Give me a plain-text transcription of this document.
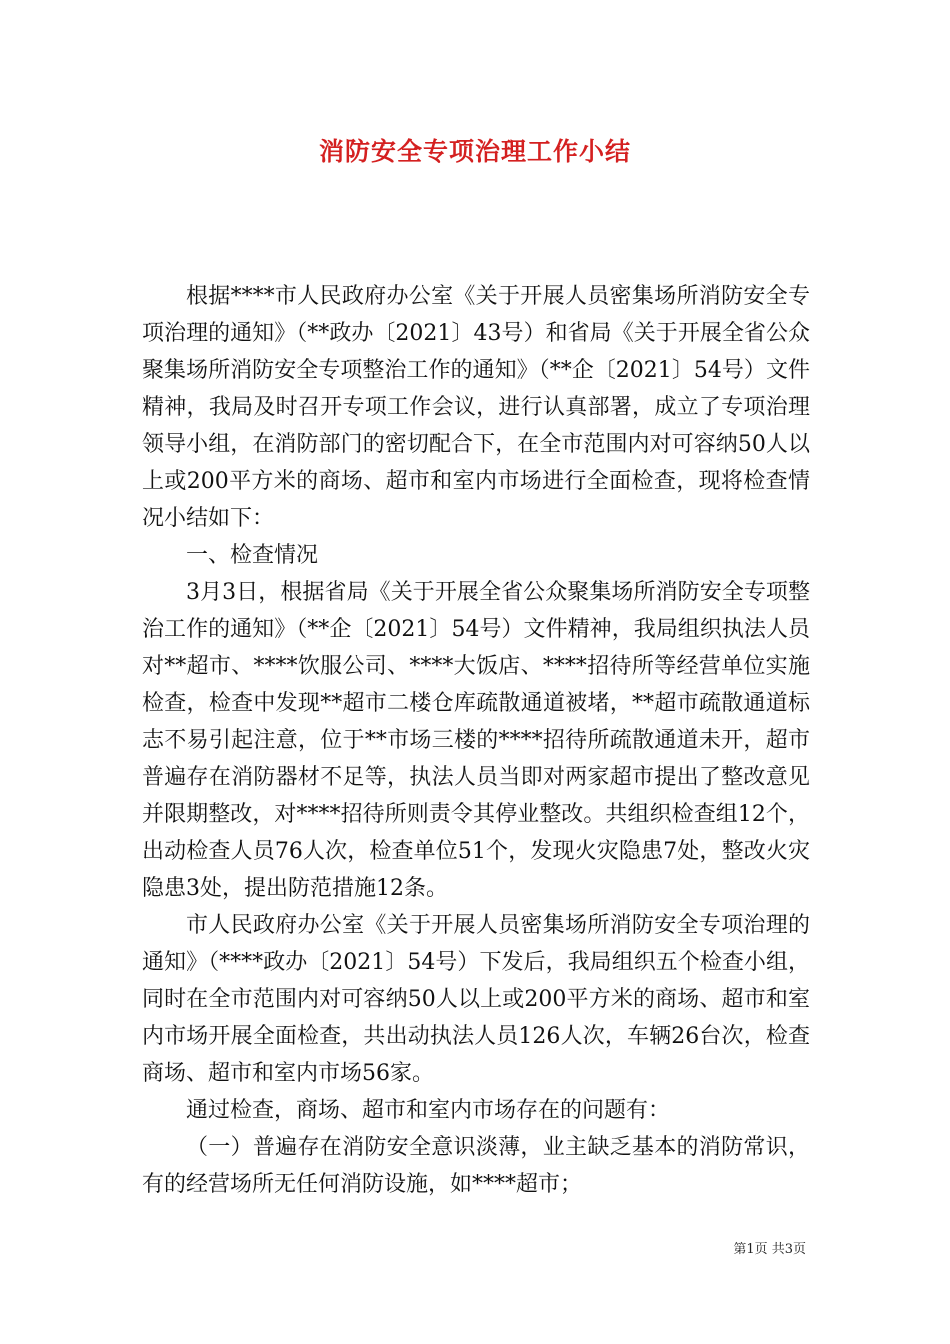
消防安全专项治理工作小结

根据****市人民政府办公室《关于开展人员密集场所消防安全专项治理的通知》（**政办〔2021〕43号）和省局《关于开展全省公众聚集场所消防安全专项整治工作的通知》（**企〔2021〕54号）文件精神，我局及时召开专项工作会议，进行认真部署，成立了专项治理领导小组，在消防部门的密切配合下，在全市范围内对可容纳50人以上或200平方米的商场、超市和室内市场进行全面检查，现将检查情况小结如下：

一、检查情况

3月3日，根据省局《关于开展全省公众聚集场所消防安全专项整治工作的通知》（**企〔2021〕54号）文件精神，我局组织执法人员对**超市、****饮服公司、****大饭店、****招待所等经营单位实施检查，检查中发现**超市二楼仓库疏散通道被堵，**超市疏散通道标志不易引起注意，位于**市场三楼的****招待所疏散通道未开，超市普遍存在消防器材不足等，执法人员当即对两家超市提出了整改意见并限期整改，对****招待所则责令其停业整改。共组织检查组12个，出动检查人员76人次，检查单位51个，发现火灾隐患7处，整改火灾隐患3处，提出防范措施12条。

市人民政府办公室《关于开展人员密集场所消防安全专项治理的通知》（****政办〔2021〕54号）下发后，我局组织五个检查小组，同时在全市范围内对可容纳50人以上或200平方米的商场、超市和室内市场开展全面检查，共出动执法人员126人次，车辆26台次，检查商场、超市和室内市场56家。

通过检查，商场、超市和室内市场存在的问题有：

（一）普遍存在消防安全意识淡薄，业主缺乏基本的消防常识，有的经营场所无任何消防设施，如****超市；

第1页 共3页
